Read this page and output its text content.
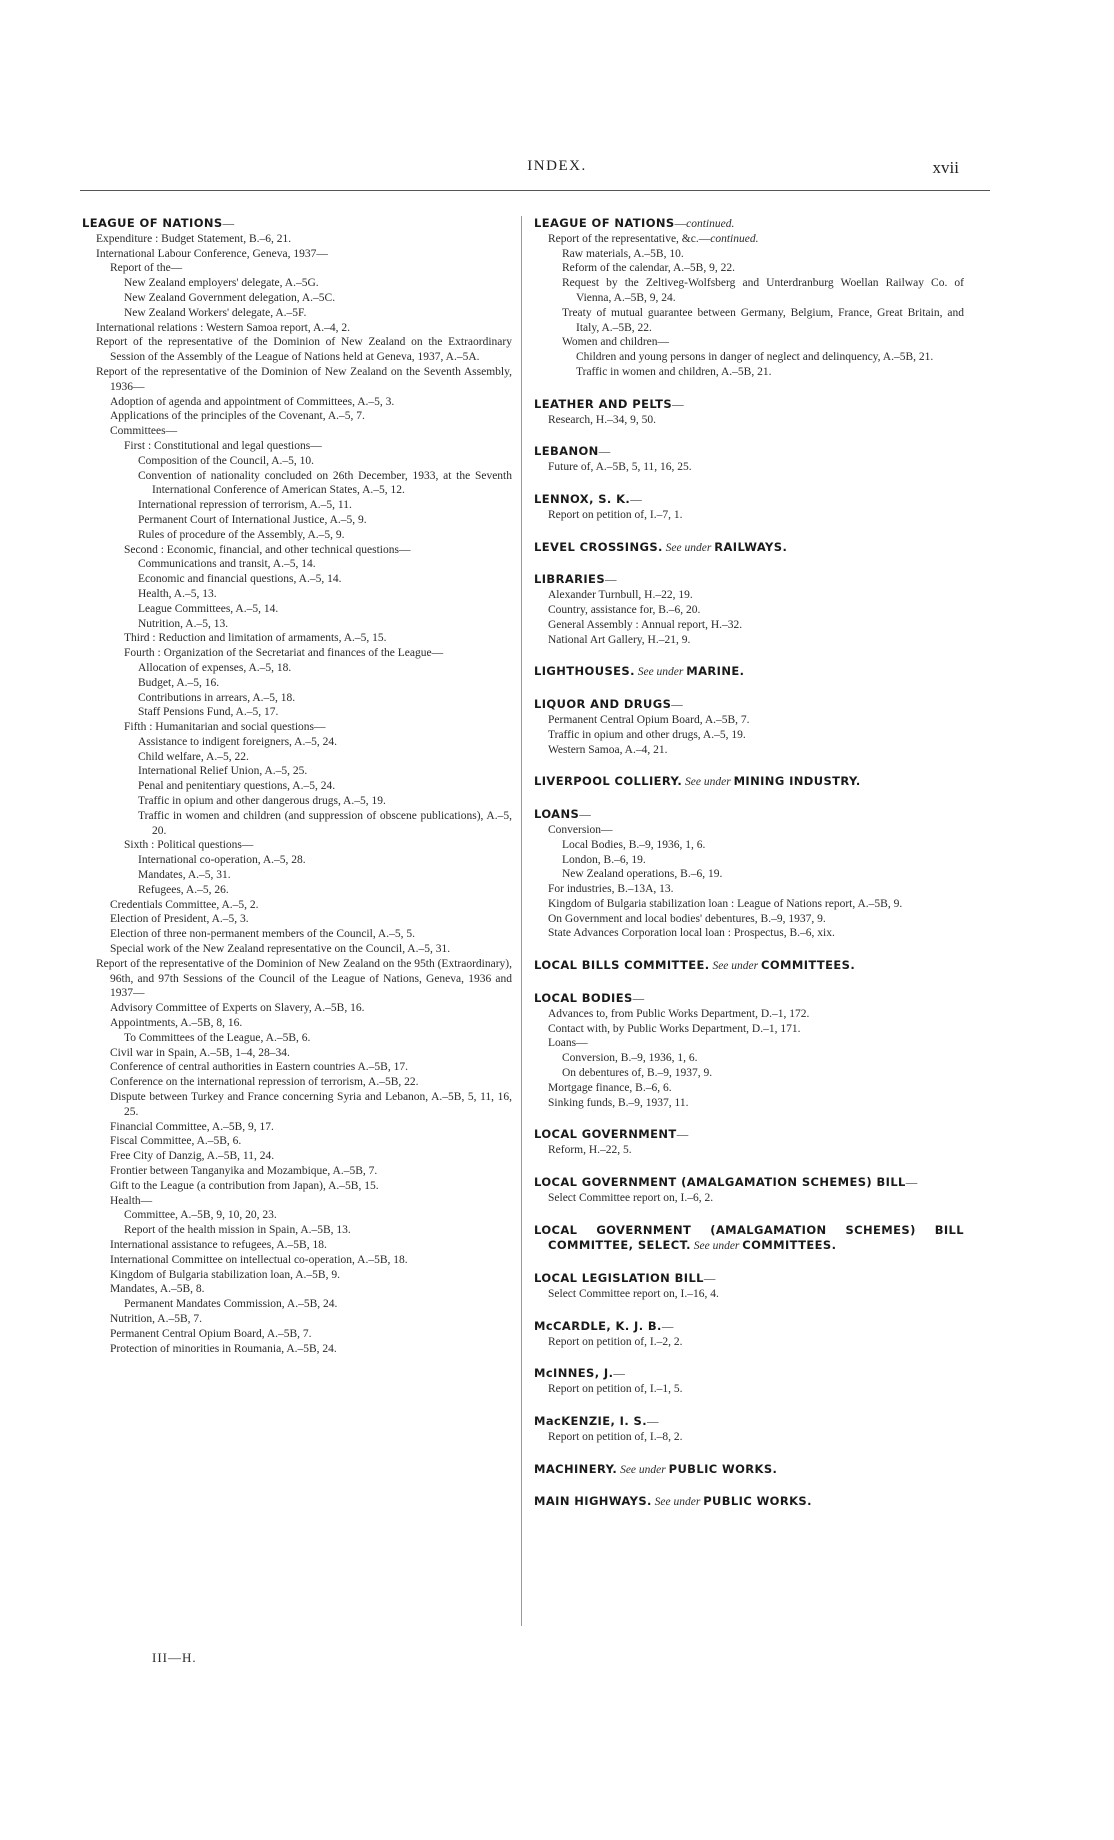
INDEX.	xvii
LEAGUE OF NATIONS—
Expenditure : Budget Statement, B.–6, 21.
International Labour Conference, Geneva, 1937—
Report of the—
New Zealand employers' delegate, A.–5G.
New Zealand Government delegation, A.–5C.
New Zealand Workers' delegate, A.–5F.
International relations : Western Samoa report, A.–4, 2.
Report of the representative of the Dominion of New Zealand on the Extraordinary Session of the Assembly of the League of Nations held at Geneva, 1937, A.–5A.
Report of the representative of the Dominion of New Zealand on the Seventh Assembly, 1936—
Adoption of agenda and appointment of Committees, A.–5, 3.
Applications of the principles of the Covenant, A.–5, 7.
Committees—
First : Constitutional and legal questions—
Composition of the Council, A.–5, 10.
Convention of nationality concluded on 26th December, 1933, at the Seventh International Conference of American States, A.–5, 12.
International repression of terrorism, A.–5, 11.
Permanent Court of International Justice, A.–5, 9.
Rules of procedure of the Assembly, A.–5, 9.
Second : Economic, financial, and other technical questions—
Communications and transit, A.–5, 14.
Economic and financial questions, A.–5, 14.
Health, A.–5, 13.
League Committees, A.–5, 14.
Nutrition, A.–5, 13.
Third : Reduction and limitation of armaments, A.–5, 15.
Fourth : Organization of the Secretariat and finances of the League—
Allocation of expenses, A.–5, 18.
Budget, A.–5, 16.
Contributions in arrears, A.–5, 18.
Staff Pensions Fund, A.–5, 17.
Fifth : Humanitarian and social questions—
Assistance to indigent foreigners, A.–5, 24.
Child welfare, A.–5, 22.
International Relief Union, A.–5, 25.
Penal and penitentiary questions, A.–5, 24.
Traffic in opium and other dangerous drugs, A.–5, 19.
Traffic in women and children (and suppression of obscene publications), A.–5, 20.
Sixth : Political questions—
International co-operation, A.–5, 28.
Mandates, A.–5, 31.
Refugees, A.–5, 26.
Credentials Committee, A.–5, 2.
Election of President, A.–5, 3.
Election of three non-permanent members of the Council, A.–5, 5.
Special work of the New Zealand representative on the Council, A.–5, 31.
Report of the representative of the Dominion of New Zealand on the 95th (Extraordinary), 96th, and 97th Sessions of the Council of the League of Nations, Geneva, 1936 and 1937—
Advisory Committee of Experts on Slavery, A.–5B, 16.
Appointments, A.–5B, 8, 16.
To Committees of the League, A.–5B, 6.
Civil war in Spain, A.–5B, 1–4, 28–34.
Conference of central authorities in Eastern countries A.–5B, 17.
Conference on the international repression of terrorism, A.–5B, 22.
Dispute between Turkey and France concerning Syria and Lebanon, A.–5B, 5, 11, 16, 25.
Financial Committee, A.–5B, 9, 17.
Fiscal Committee, A.–5B, 6.
Free City of Danzig, A.–5B, 11, 24.
Frontier between Tanganyika and Mozambique, A.–5B, 7.
Gift to the League (a contribution from Japan), A.–5B, 15.
Health—
Committee, A.–5B, 9, 10, 20, 23.
Report of the health mission in Spain, A.–5B, 13.
International assistance to refugees, A.–5B, 18.
International Committee on intellectual co-operation, A.–5B, 18.
Kingdom of Bulgaria stabilization loan, A.–5B, 9.
Mandates, A.–5B, 8.
Permanent Mandates Commission, A.–5B, 24.
Nutrition, A.–5B, 7.
Permanent Central Opium Board, A.–5B, 7.
Protection of minorities in Roumania, A.–5B, 24.
LEAGUE OF NATIONS—continued.
Report of the representative, &c.—continued.
Raw materials, A.–5B, 10.
Reform of the calendar, A.–5B, 9, 22.
Request by the Zeltiveg-Wolfsberg and Unterdranburg Woellan Railway Co. of Vienna, A.–5B, 9, 24.
Treaty of mutual guarantee between Germany, Belgium, France, Great Britain, and Italy, A.–5B, 22.
Women and children—
Children and young persons in danger of neglect and delinquency, A.–5B, 21.
Traffic in women and children, A.–5B, 21.
LEATHER AND PELTS—
Research, H.–34, 9, 50.
LEBANON—
Future of, A.–5B, 5, 11, 16, 25.
LENNOX, S. K.—
Report on petition of, I.–7, 1.
LEVEL CROSSINGS. See under RAILWAYS.
LIBRARIES—
Alexander Turnbull, H.–22, 19.
Country, assistance for, B.–6, 20.
General Assembly : Annual report, H.–32.
National Art Gallery, H.–21, 9.
LIGHTHOUSES. See under MARINE.
LIQUOR AND DRUGS—
Permanent Central Opium Board, A.–5B, 7.
Traffic in opium and other drugs, A.–5, 19.
Western Samoa, A.–4, 21.
LIVERPOOL COLLIERY. See under MINING INDUSTRY.
LOANS—
Conversion—
Local Bodies, B.–9, 1936, 1, 6.
London, B.–6, 19.
New Zealand operations, B.–6, 19.
For industries, B.–13A, 13.
Kingdom of Bulgaria stabilization loan : League of Nations report, A.–5B, 9.
On Government and local bodies' debentures, B.–9, 1937, 9.
State Advances Corporation local loan : Prospectus, B.–6, xix.
LOCAL BILLS COMMITTEE. See under COMMITTEES.
LOCAL BODIES—
Advances to, from Public Works Department, D.–1, 172.
Contact with, by Public Works Department, D.–1, 171.
Loans—
Conversion, B.–9, 1936, 1, 6.
On debentures of, B.–9, 1937, 9.
Mortgage finance, B.–6, 6.
Sinking funds, B.–9, 1937, 11.
LOCAL GOVERNMENT—
Reform, H.–22, 5.
LOCAL GOVERNMENT (AMALGAMATION SCHEMES) BILL—
Select Committee report on, I.–6, 2.
LOCAL GOVERNMENT (AMALGAMATION SCHEMES) BILL COMMITTEE, SELECT. See under COMMITTEES.
LOCAL LEGISLATION BILL—
Select Committee report on, I.–16, 4.
McCARDLE, K. J. B.—
Report on petition of, I.–2, 2.
McINNES, J.—
Report on petition of, I.–1, 5.
MacKENZIE, I. S.—
Report on petition of, I.–8, 2.
MACHINERY. See under PUBLIC WORKS.
MAIN HIGHWAYS. See under PUBLIC WORKS.
III—H.
